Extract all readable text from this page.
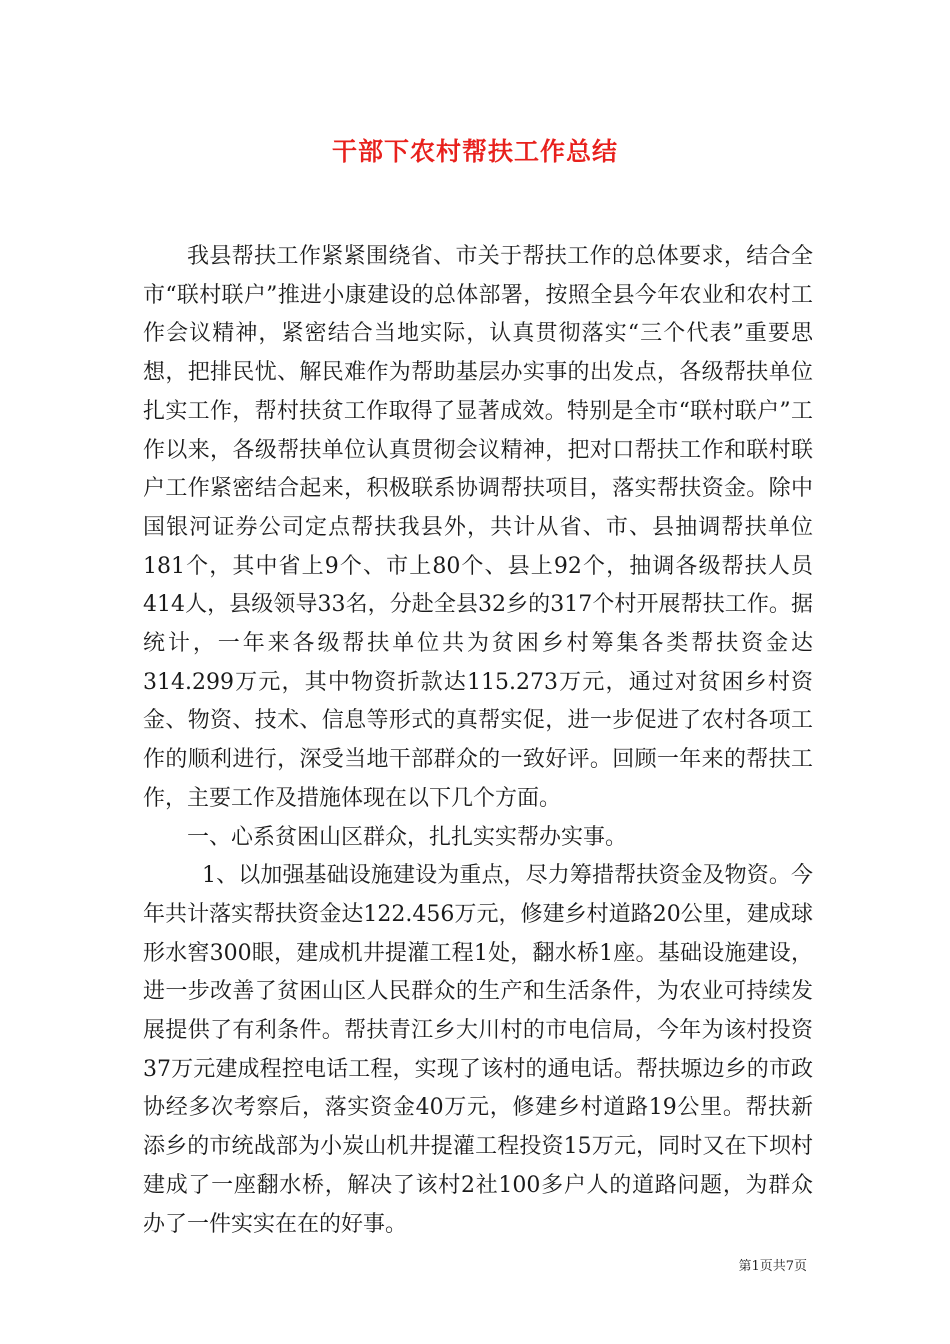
干部下农村帮扶工作总结

我县帮扶工作紧紧围绕省、市关于帮扶工作的总体要求，结合全市“联村联户”推进小康建设的总体部署，按照全县今年农业和农村工作会议精神，紧密结合当地实际，认真贯彻落实“三个代表”重要思想，把排民忧、解民难作为帮助基层办实事的出发点，各级帮扶单位扎实工作，帮村扶贫工作取得了显著成效。特别是全市“联村联户”工作以来，各级帮扶单位认真贯彻会议精神，把对口帮扶工作和联村联户工作紧密结合起来，积极联系协调帮扶项目，落实帮扶资金。除中国银河证券公司定点帮扶我县外，共计从省、市、县抽调帮扶单位181个，其中省上9个、市上80个、县上92个，抽调各级帮扶人员414人，县级领导33名，分赴全县32乡的317个村开展帮扶工作。据统计，一年来各级帮扶单位共为贫困乡村筹集各类帮扶资金达314.299万元，其中物资折款达115.273万元，通过对贫困乡村资金、物资、技术、信息等形式的真帮实促，进一步促进了农村各项工作的顺利进行，深受当地干部群众的一致好评。回顾一年来的帮扶工作，主要工作及措施体现在以下几个方面。

一、心系贫困山区群众，扎扎实实帮办实事。

1、以加强基础设施建设为重点，尽力筹措帮扶资金及物资。今年共计落实帮扶资金达122.456万元，修建乡村道路20公里，建成球形水窖300眼，建成机井提灌工程1处，翻水桥1座。基础设施建设，进一步改善了贫困山区人民群众的生产和生活条件，为农业可持续发展提供了有利条件。帮扶青江乡大川村的市电信局，今年为该村投资37万元建成程控电话工程，实现了该村的通电话。帮扶塬边乡的市政协经多次考察后，落实资金40万元，修建乡村道路19公里。帮扶新添乡的市统战部为小炭山机井提灌工程投资15万元，同时又在下坝村建成了一座翻水桥，解决了该村2社100多户人的道路问题，为群众办了一件实实在在的好事。

第1页共7页
